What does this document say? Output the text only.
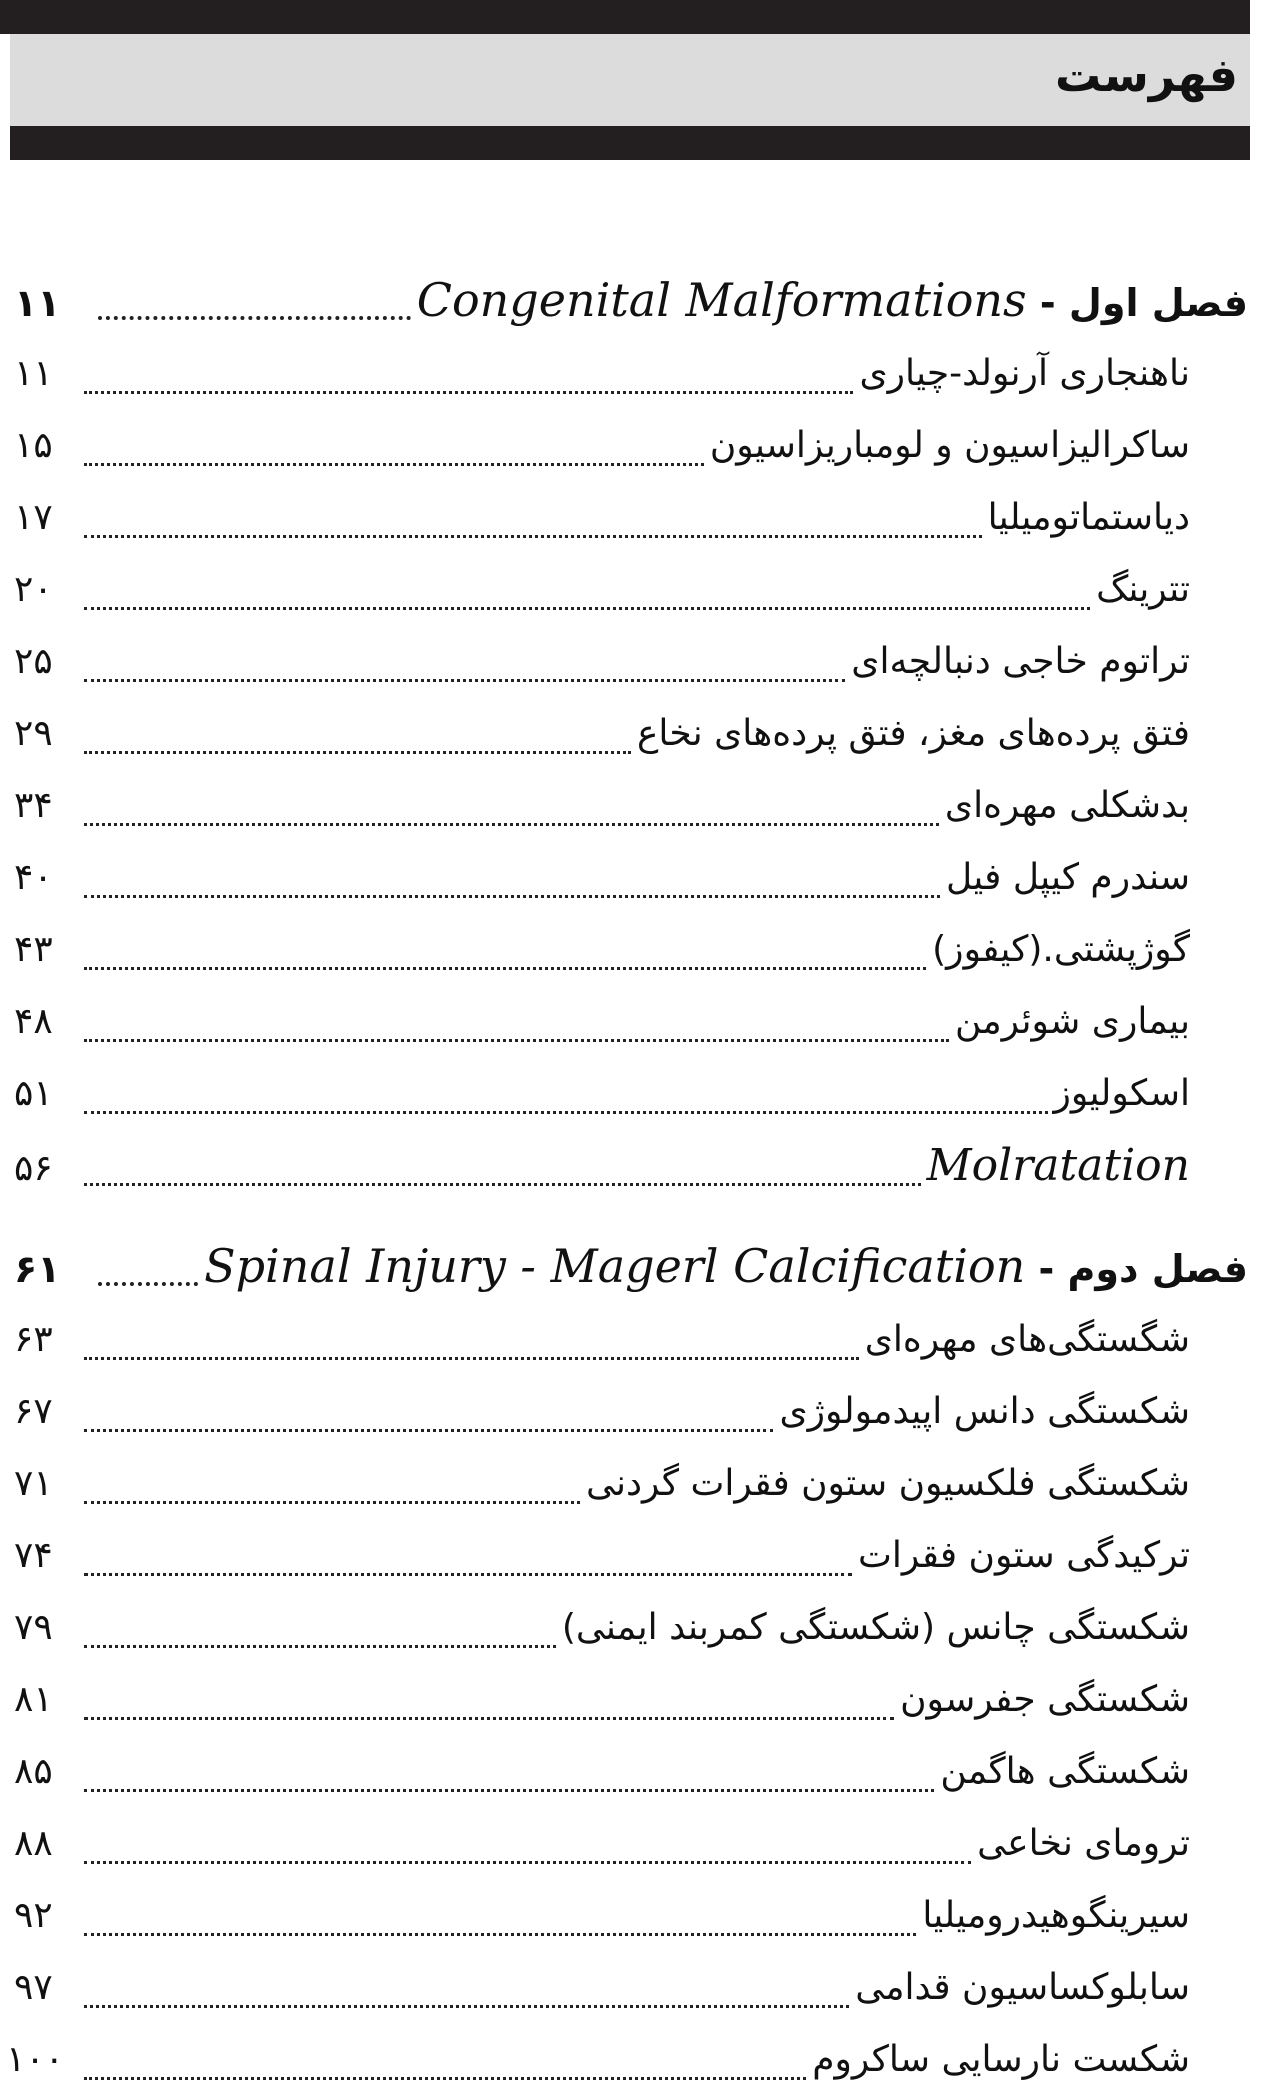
فهرست
فصل اول - Congenital Malformations
۱۱
ناهنجاری آرنولد-چیاری
۱۱
ساکرالیزاسیون و لومباریزاسیون
۱۵
دیاستماتومیلیا
۱۷
تترینگ
۲۰
تراتوم خاجی دنبالچه‌ای
۲۵
فتق پرده‌های مغز، فتق پرده‌های نخاع
۲۹
بدشکلی مهره‌ای
۳۴
سندرم کیپل فیل
۴۰
گوژپشتی.(کیفوز)
۴۳
بیماری شوئرمن
۴۸
اسکولیوز
۵۱
Molratation
۵۶
فصل دوم - Spinal Injury - Magerl Calcification
۶۱
شگستگی‌های مهره‌ای
۶۳
شکستگی دانس اپیدمولوژی
۶۷
شکستگی فلکسیون ستون فقرات گردنی
۷۱
ترکیدگی ستون فقرات
۷۴
شکستگی چانس (شکستگی کمربند ایمنی)
۷۹
شکستگی جفرسون
۸۱
شکستگی هاگمن
۸۵
ترومای نخاعی
۸۸
سیرینگوهیدرومیلیا
۹۲
سابلوکساسیون قدامی
۹۷
شکست نارسایی ساکروم
۱۰۰
